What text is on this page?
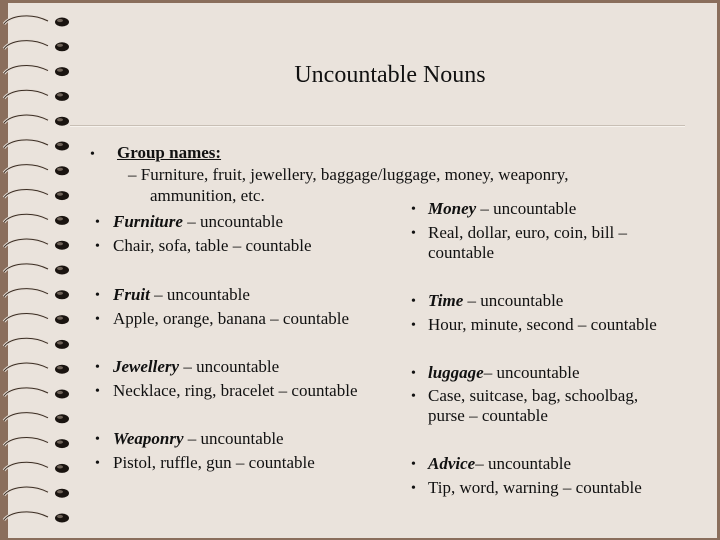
Uncountable Nouns
• Group names:
– Furniture, fruit, jewellery, baggage/luggage, money, weaponry,
ammunition, etc.
• Furniture – uncountable
• Chair, sofa, table – countable
• Fruit – uncountable
• Apple, orange, banana – countable
• Jewellery – uncountable
• Necklace, ring, bracelet – countable
• Weaponry – uncountable
• Pistol, ruffle, gun – countable
• Money – uncountable
• Real, dollar, euro, coin, bill –
countable
• Time – uncountable
• Hour, minute, second – countable
• luggage– uncountable
• Case, suitcase, bag, schoolbag,
purse – countable
• Advice– uncountable
• Tip, word, warning – countable
